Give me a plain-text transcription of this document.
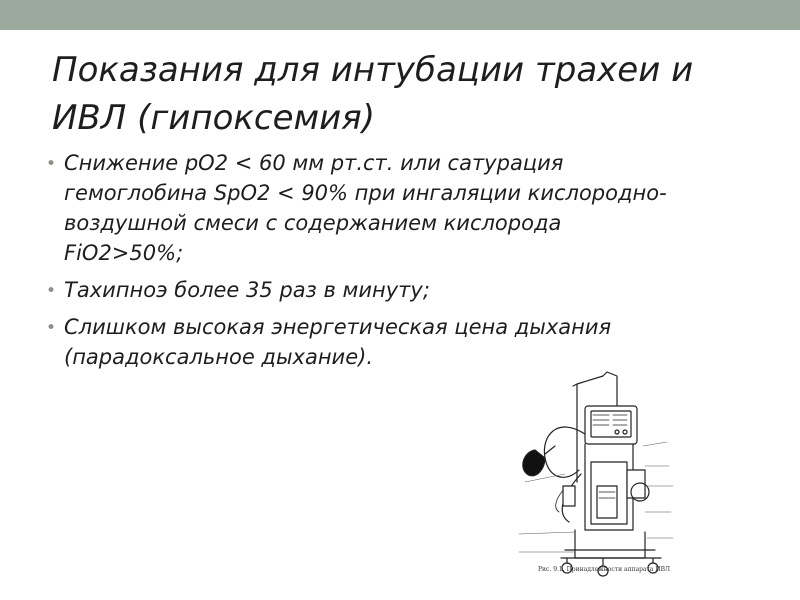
Показания для интубации трахеи и
ИВЛ (гипоксемия)
• Снижение pO2 < 60 мм рт.ст. или сатурация
гемоглобина SpO2 < 90% при ингаляции кислородно-
воздушной смеси с содержанием кислорода
FiO2>50%;
• Тахипноэ более 35 раз в минуту;
• Слишком высокая энергетическая цена дыхания
(парадоксальное дыхание).
Рис. 9.1. Принадлежности аппарата ИВЛ
